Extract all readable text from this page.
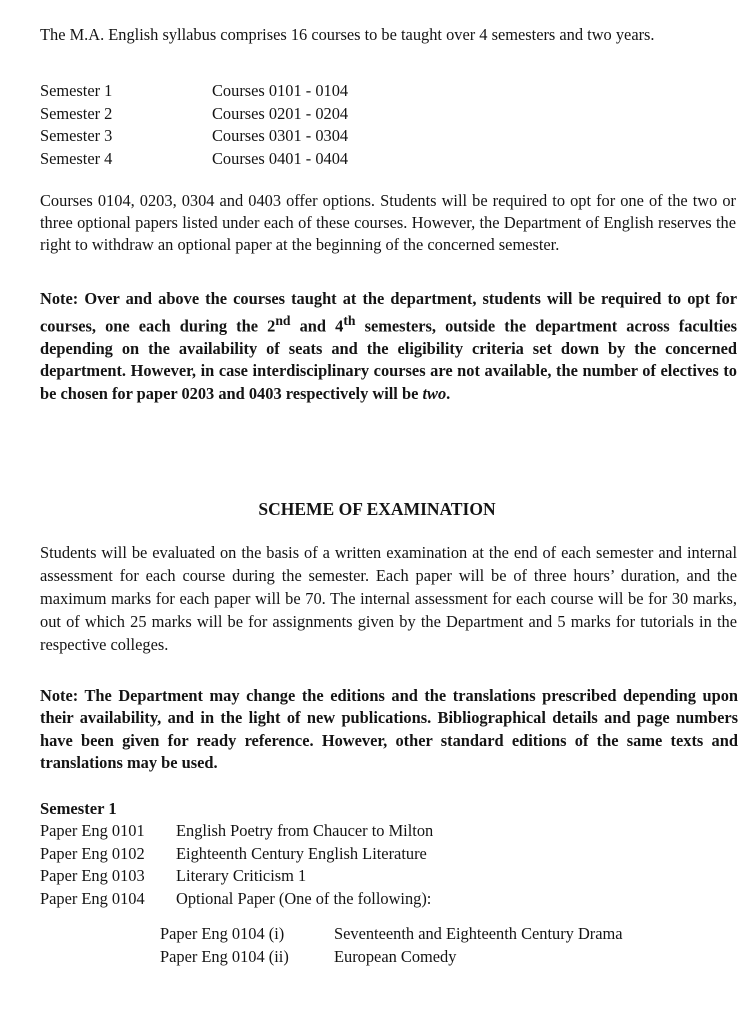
The M.A. English syllabus comprises 16 courses to be taught over 4 semesters and two years.

Semester 1	Courses 0101 - 0104
Semester 2	Courses 0201 - 0204
Semester 3	Courses 0301 - 0304
Semester 4	Courses 0401 - 0404

Courses 0104, 0203, 0304 and 0403 offer options. Students will be required to opt for one of the two or three optional papers listed under each of these courses. However, the Department of English reserves the right to withdraw an optional paper at the beginning of the concerned semester.

Note: Over and above the courses taught at the department, students will be required to opt for courses, one each during the 2nd and 4th semesters, outside the department across faculties depending on the availability of seats and the eligibility criteria set down by the concerned department. However, in case interdisciplinary courses are not available, the number of electives to be chosen for paper 0203 and 0403 respectively will be two.

SCHEME OF EXAMINATION

Students will be evaluated on the basis of a written examination at the end of each semester and internal assessment for each course during the semester. Each paper will be of three hours’ duration, and the maximum marks for each paper will be 70. The internal assessment for each course will be for 30 marks, out of which 25 marks will be for assignments given by the Department and 5 marks for tutorials in the respective colleges.

Note: The Department may change the editions and the translations prescribed depending upon their availability, and in the light of new publications. Bibliographical details and page numbers have been given for ready reference. However, other standard editions of the same texts and translations may be used.

Semester 1

Paper Eng 0101	English Poetry from Chaucer to Milton
Paper Eng 0102	Eighteenth Century English Literature
Paper Eng 0103	Literary Criticism 1
Paper Eng 0104	Optional Paper (One of the following):
Paper Eng 0104 (i)	Seventeenth and Eighteenth Century Drama
Paper Eng 0104 (ii)	European Comedy
